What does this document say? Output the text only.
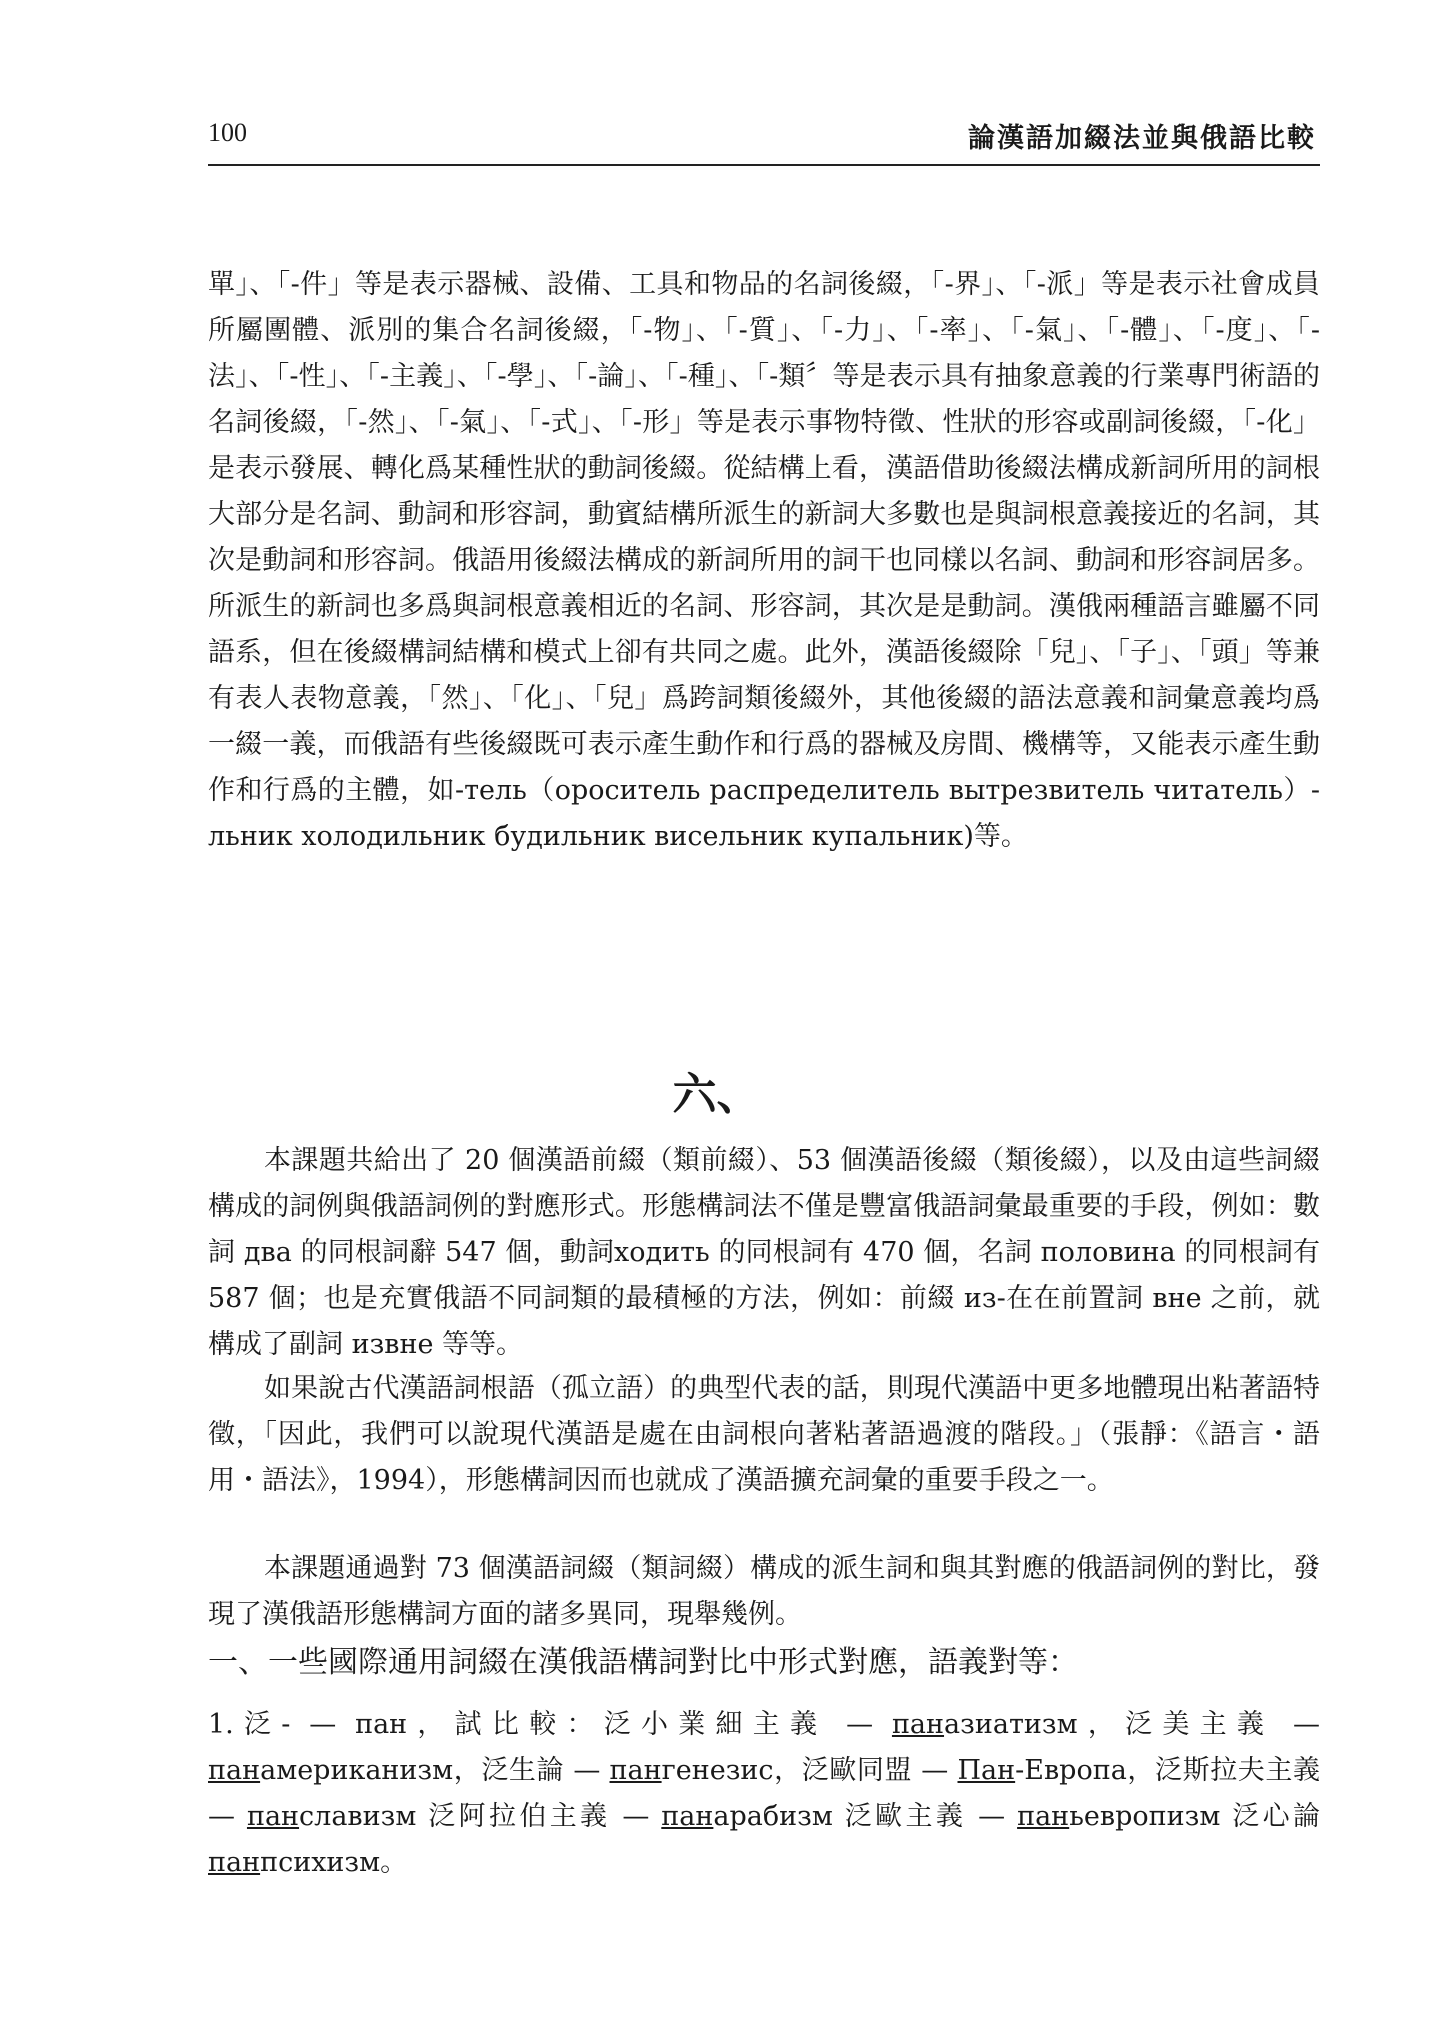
100	論漢語加綴法並與俄語比較

單」、「-件」等是表示器械、設備、工具和物品的名詞後綴，「-界」、「-派」等是表示社會成員所屬團體、派別的集合名詞後綴，「-物」、「-質」、「-力」、「-率」、「-氣」、「-體」、「-度」、「-法」、「-性」、「-主義」、「-學」、「-論」、「-種」、「-類〞等是表示具有抽象意義的行業專門術語的名詞後綴，「-然」、「-氣」、「-式」、「-形」等是表示事物特徵、性狀的形容或副詞後綴，「-化」是表示發展、轉化爲某種性狀的動詞後綴。從結構上看，漢語借助後綴法構成新詞所用的詞根大部分是名詞、動詞和形容詞，動賓結構所派生的新詞大多數也是與詞根意義接近的名詞，其次是動詞和形容詞。俄語用後綴法構成的新詞所用的詞干也同樣以名詞、動詞和形容詞居多。所派生的新詞也多爲與詞根意義相近的名詞、形容詞，其次是是動詞。漢俄兩種語言雖屬不同語系，但在後綴構詞結構和模式上卻有共同之處。此外，漢語後綴除「兒」、「子」、「頭」等兼有表人表物意義，「然」、「化」、「兒」爲跨詞類後綴外，其他後綴的語法意義和詞彙意義均爲一綴一義，而俄語有些後綴既可表示產生動作和行爲的器械及房間、機構等，又能表示產生動作和行爲的主體，如-тель（ороситель распределитель вытрезвитель читатель）-льник холодильник будильник висельник купальник)等。

六、

本課題共給出了 20 個漢語前綴（類前綴）、53 個漢語後綴（類後綴），以及由這些詞綴構成的詞例與俄語詞例的對應形式。形態構詞法不僅是豐富俄語詞彙最重要的手段，例如：數詞 два 的同根詞辭 547 個，動詞ходить 的同根詞有 470 個，名詞 половина 的同根詞有 587 個；也是充實俄語不同詞類的最積極的方法，例如：前綴 из-在在前置詞 вне 之前，就構成了副詞 извне 等等。

如果說古代漢語詞根語（孤立語）的典型代表的話，則現代漢語中更多地體現出粘著語特徵，「因此，我們可以說現代漢語是處在由詞根向著粘著語過渡的階段。」（張靜：《語言・語用・語法》，1994），形態構詞因而也就成了漢語擴充詞彙的重要手段之一。

本課題通過對 73 個漢語詞綴（類詞綴）構成的派生詞和與其對應的俄語詞例的對比，發現了漢俄語形態構詞方面的諸多異同，現舉幾例。

一、一些國際通用詞綴在漢俄語構詞對比中形式對應，語義對等：

1.泛- — пан，試比較：泛小業細主義 — паназиатизм，泛美主義 — панамериканизм，泛生論 — пангенезис，泛歐同盟 — Пан-Европа，泛斯拉夫主義— панславизм 泛阿拉伯主義 — панарабизм 泛歐主義 — паньевропизм 泛心論 панпсихизм。
